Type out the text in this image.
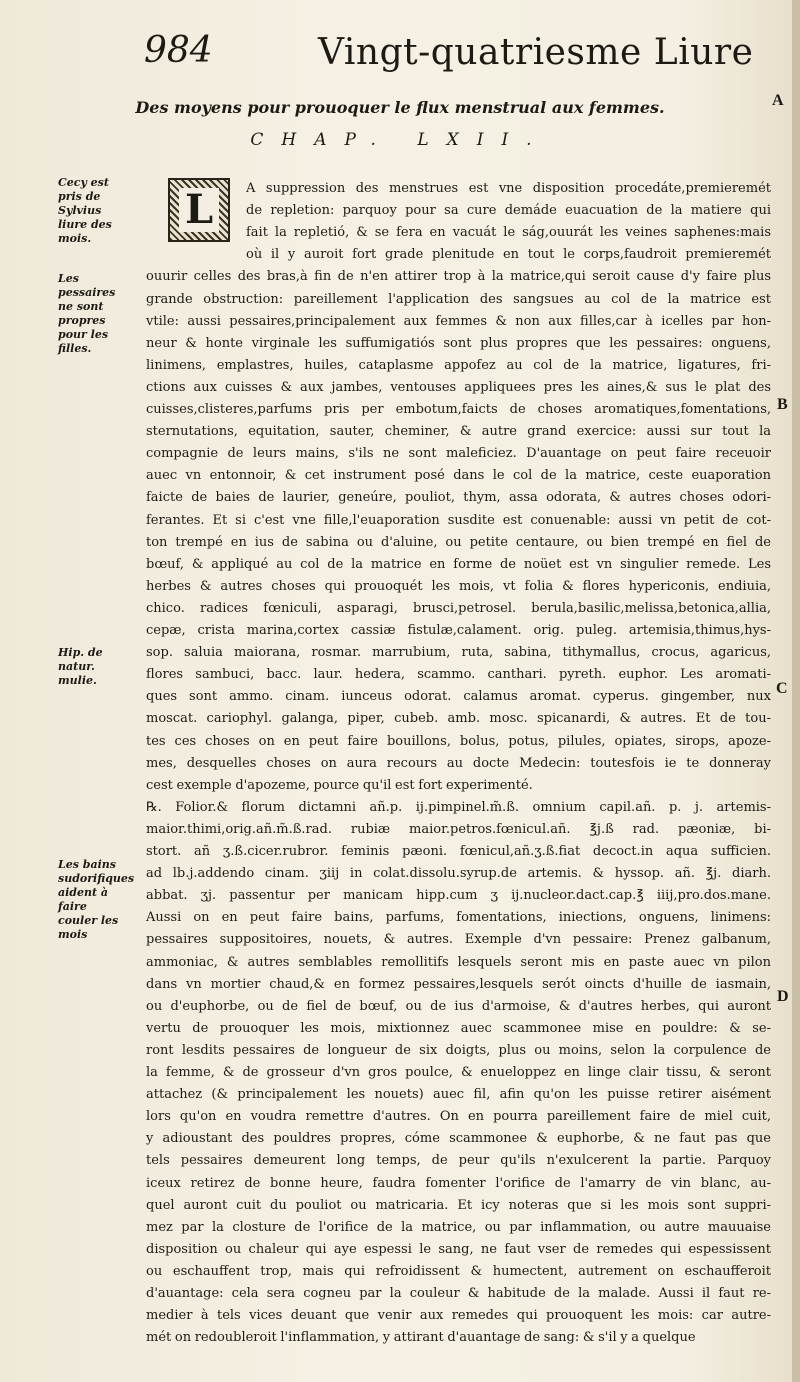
984	Vingt-quatriesme Liure
Des moyens pour prouoquer le flux menstrual aux femmes.
CHAP. LXII.
A
B
C
D
L
Cecy est pris de Sylvius liure des mois.
Les pessaires ne sont propres pour les filles.
Hip. de natur. mulie.
Les bains sudorifiques aident à faire couler les mois
A suppression des menstrues est vne disposition procedáte,premieremét
de repletion: parquoy pour sa cure demáde euacuation de la matiere qui
fait la repletió, & se fera en vacuát le ság,ouurát les veines saphenes:mais
où il y auroit fort grade plenitude en tout le corps,faudroit premieremét
ouurir celles des bras,à fin de n'en attirer trop à la matrice,qui seroit cause d'y faire plus
grande obstruction: pareillement l'application des sangsues au col de la matrice est
vtile: aussi pessaires,principalement aux femmes & non aux filles,car à icelles par hon-
neur & honte virginale les suffumigatiós sont plus propres que les pessaires: onguens,
linimens, emplastres, huiles, cataplasme appofez au col de la matrice, ligatures, fri-
ctions aux cuisses & aux jambes, ventouses appliquees pres les aines,& sus le plat des
cuisses,clisteres,parfums pris per embotum,faicts de choses aromatiques,fomentations,
sternutations, equitation, sauter, cheminer, & autre grand exercice: aussi sur tout la
compagnie de leurs mains, s'ils ne sont maleficiez. D'auantage on peut faire receuoir
auec vn entonnoir, & cet instrument posé dans le col de la matrice, ceste euaporation
faicte de baies de laurier, geneúre, pouliot, thym, assa odorata, & autres choses odori-
ferantes. Et si c'est vne fille,l'euaporation susdite est conuenable: aussi vn petit de cot-
ton trempé en ius de sabina ou d'aluine, ou petite centaure, ou bien trempé en fiel de
bœuf, & appliqué au col de la matrice en forme de noüet est vn singulier remede. Les
herbes & autres choses qui prouoquét les mois, vt folia & flores hypericonis, endiuia,
chico. radices fœniculi, asparagi, brusci,petrosel. berula,basilic,melissa,betonica,allia,
cepæ, crista marina,cortex cassiæ fistulæ,calament. orig. puleg. artemisia,thimus,hys-
sop. saluia maiorana, rosmar. marrubium, ruta, sabina, tithymallus, crocus, agaricus,
flores sambuci, bacc. laur. hedera, scammo. canthari. pyreth. euphor. Les aromati-
ques sont ammo. cinam. iunceus odorat. calamus aromat. cyperus. gingember, nux
moscat. cariophyl. galanga, piper, cubeb. amb. mosc. spicanardi, & autres. Et de tou-
tes ces choses on en peut faire bouillons, bolus, potus, pilules, opiates, sirops, apoze-
mes, desquelles choses on aura recours au docte Medecin: toutesfois ie te donneray
cest exemple d'apozeme, pource qu'il est fort experimenté.
℞. Folior.& florum dictamni añ.p. ij.pimpinel.m̃.ß. omnium capil.añ. p. j. artemis-
maior.thimi,orig.añ.m̃.ß.rad. rubiæ maior.petros.fœnicul.añ. ℥j.ß rad. pæoniæ, bi-
stort. añ ʒ.ß.cicer.rubror. feminis pæoni. fœnicul,añ.ʒ.ß.fiat decoct.in aqua sufficien.
ad lb.j.addendo cinam. ʒiij in colat.dissolu.syrup.de artemis. & hyssop. añ. ℥j. diarh.
abbat. ʒj. passentur per manicam hipp.cum ʒ ij.nucleor.dact.cap.℥ iiij,pro.dos.mane.
Aussi on en peut faire bains, parfums, fomentations, iniections, onguens, linimens:
pessaires suppositoires, nouets, & autres. Exemple d'vn pessaire: Prenez galbanum,
ammoniac, & autres semblables remollitifs lesquels seront mis en paste auec vn pilon
dans vn mortier chaud,& en formez pessaires,lesquels serót oincts d'huille de iasmain,
ou d'euphorbe, ou de fiel de bœuf, ou de ius d'armoise, & d'autres herbes, qui auront
vertu de prouoquer les mois, mixtionnez auec scammonee mise en pouldre: & se-
ront lesdits pessaires de longueur de six doigts, plus ou moins, selon la corpulence de
la femme, & de grosseur d'vn gros poulce, & enueloppez en linge clair tissu, & seront
attachez (& principalement les nouets) auec fil, afin qu'on les puisse retirer aisément
lors qu'on en voudra remettre d'autres. On en pourra pareillement faire de miel cuit,
y adioustant des pouldres propres, cóme scammonee & euphorbe, & ne faut pas que
tels pessaires demeurent long temps, de peur qu'ils n'exulcerent la partie. Parquoy
iceux retirez de bonne heure, faudra fomenter l'orifice de l'amarry de vin blanc, au-
quel auront cuit du pouliot ou matricaria. Et icy noteras que si les mois sont suppri-
mez par la closture de l'orifice de la matrice, ou par inflammation, ou autre mauuaise
disposition ou chaleur qui aye espessi le sang, ne faut vser de remedes qui espessissent
ou eschauffent trop, mais qui refroidissent & humectent, autrement on eschaufferoit
d'auantage: cela sera cogneu par la couleur & habitude de la malade. Aussi il faut re-
medier à tels vices deuant que venir aux remedes qui prouoquent les mois: car autre-
mét on redoubleroit l'inflammation, y attirant d'auantage de sang: & s'il y a quelque
